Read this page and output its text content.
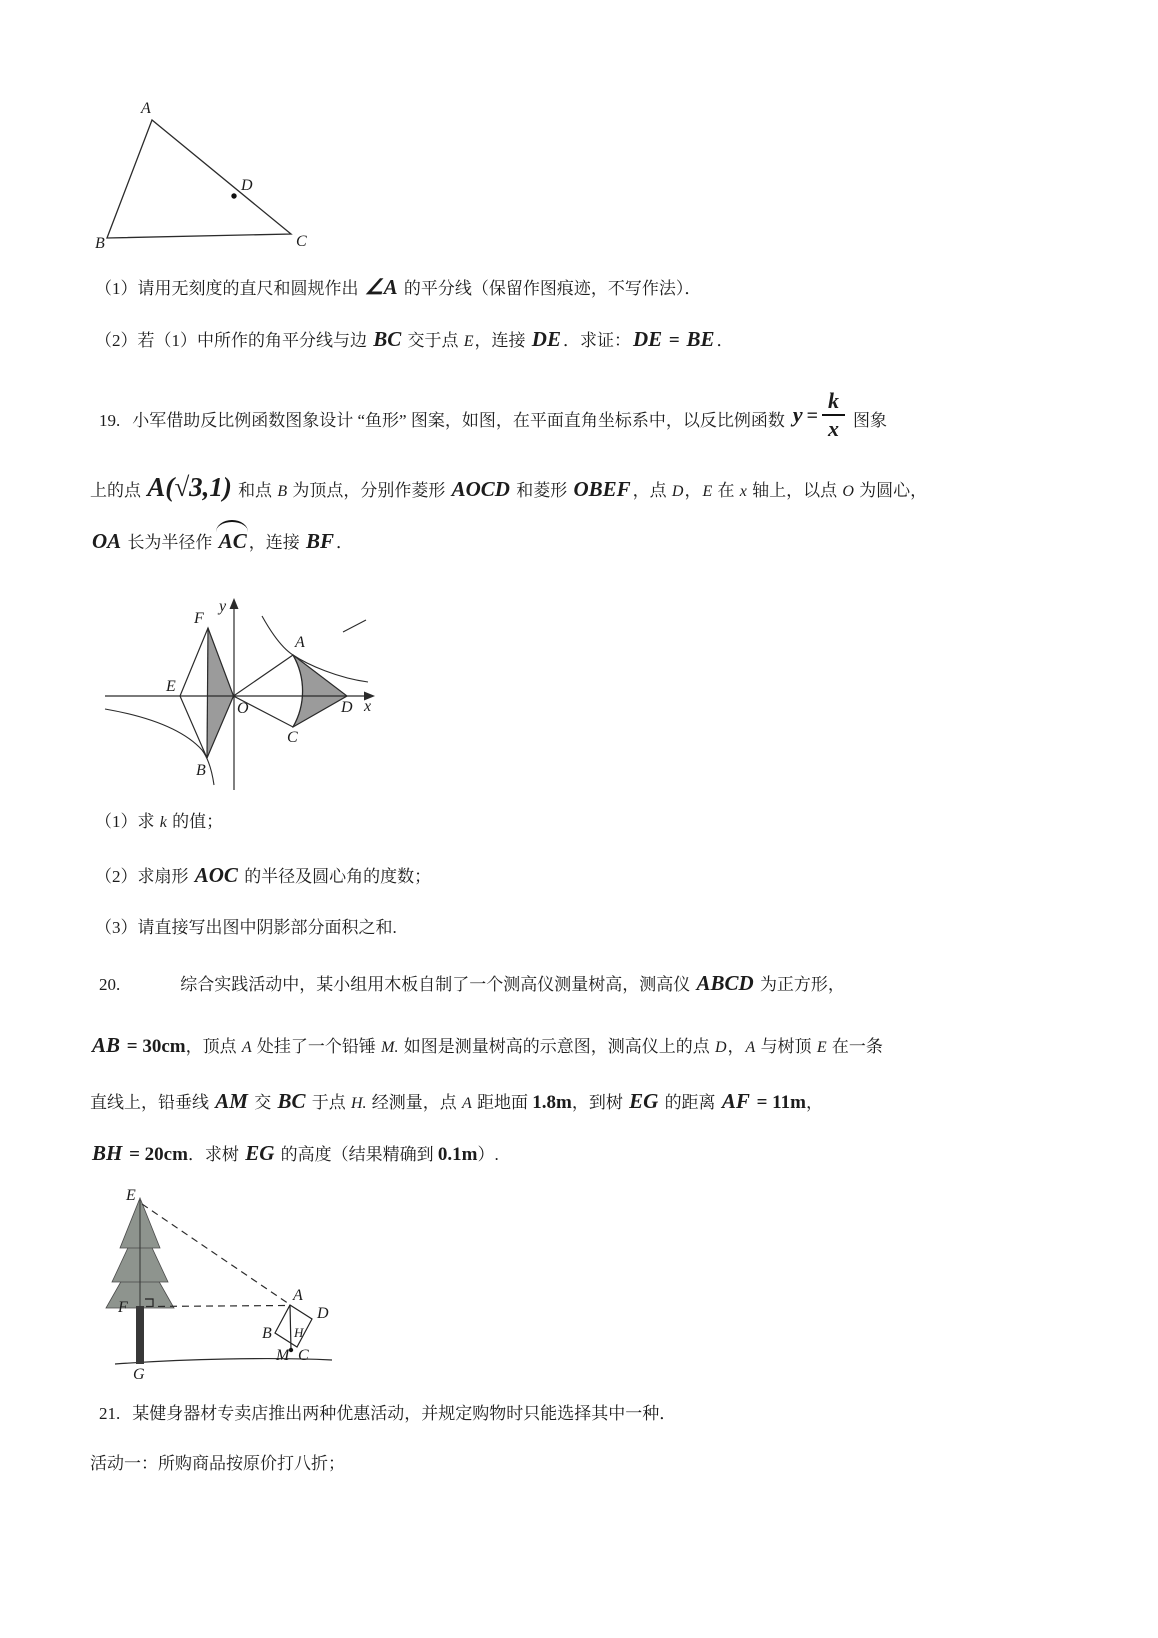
A
B	C
D
（1）请用无刻度的直尺和圆规作出 ∠A 的平分线（保留作图痕迹，不写作法）．
（2）若（1）中所作的角平分线与边 BC 交于点 E，连接 DE ．求证：DE = BE ．
19. 小军借助反比例函数图象设计 “鱼形” 图案，如图，在平面直角坐标系中，以反比例函数 $y = \frac{k}{x}$ 图象
上的点 A(√3,1) 和点 B 为顶点，分别作菱形 AOCD 和菱形 OBEF ，点 D，E 在 x 轴上，以点 O 为圆心，
OA 长为半径作 AC ，连接 BF ．
y
x
O
F
E
B
A
C
D
（1）求 k 的值；
（2）求扇形 AOC 的半径及圆心角的度数；
（3）请直接写出图中阴影部分面积之和.
20.	综合实践活动中，某小组用木板自制了一个测高仪测量树高，测高仪 ABCD 为正方形，
AB = 30cm，顶点 A 处挂了一个铅锤 M. 如图是测量树高的示意图，测高仪上的点 D，A 与树顶 E 在一条
直线上，铅垂线 AM 交 BC 于点 H. 经测量，点 A 距地面 1.8m，到树 EG 的距离 AF = 11m，
BH = 20cm．求树 EG 的高度（结果精确到 0.1m）.
E
F
G
A
D
B H
C
M
21. 某健身器材专卖店推出两种优惠活动，并规定购物时只能选择其中一种．
活动一：所购商品按原价打八折；
